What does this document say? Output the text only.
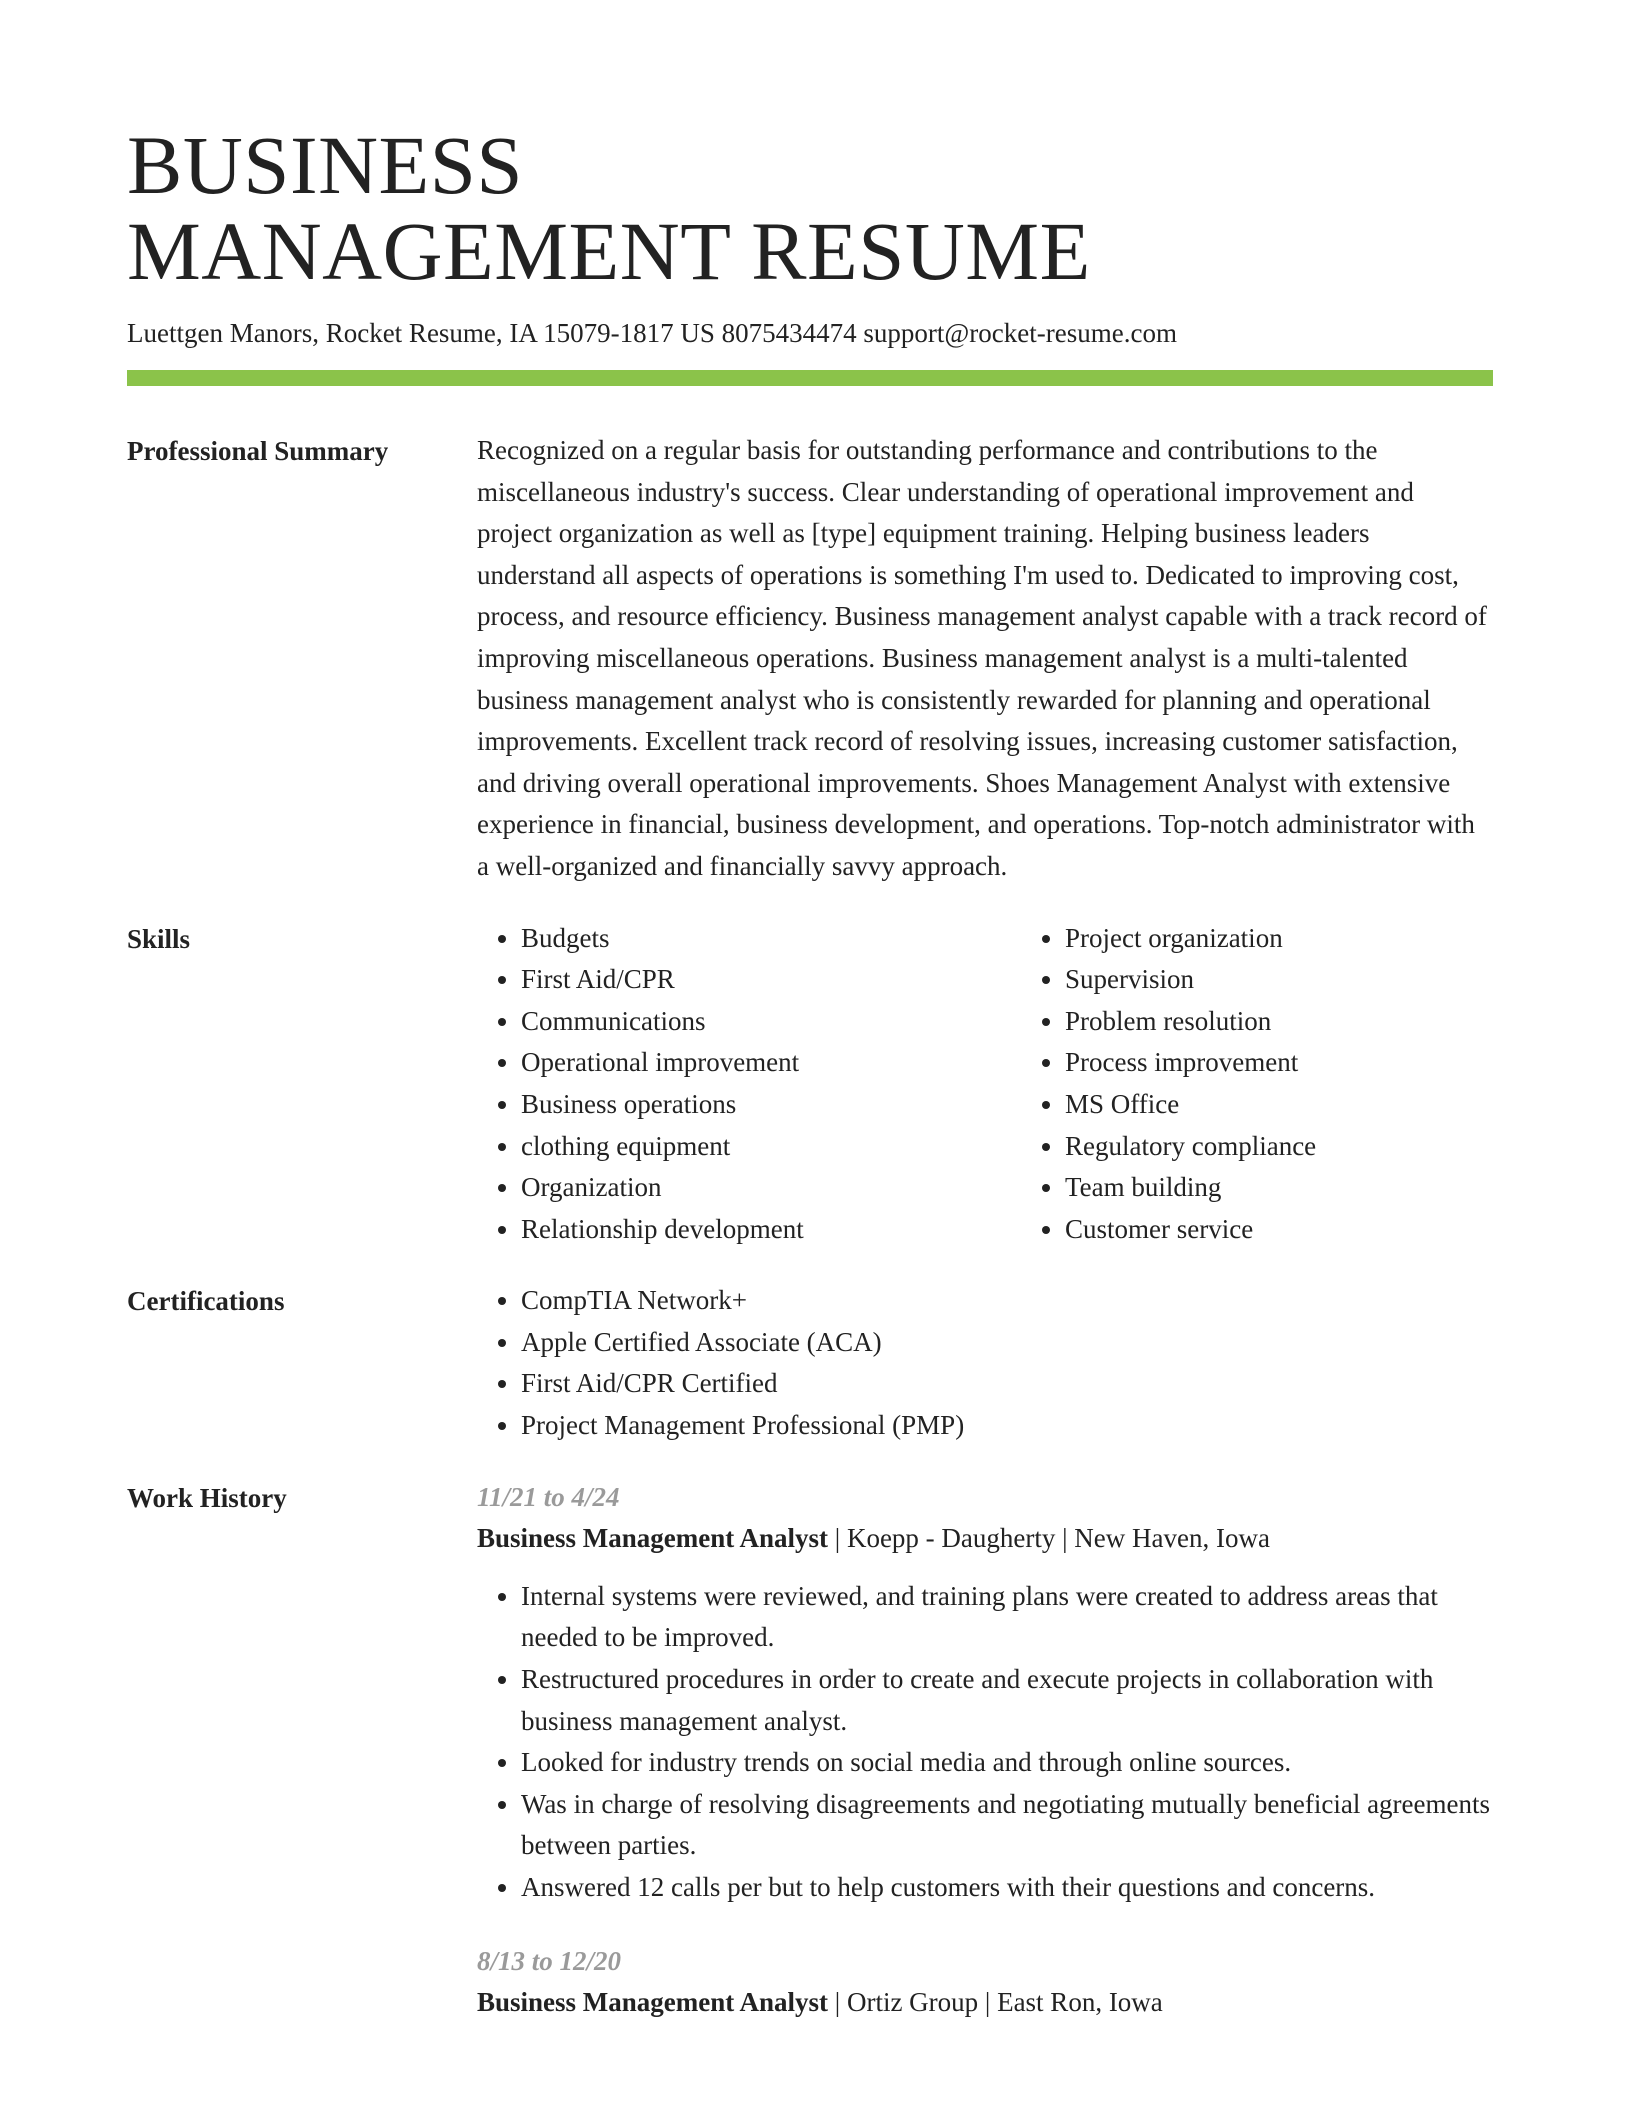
BUSINESS
MANAGEMENT RESUME
Luettgen Manors, Rocket Resume, IA 15079-1817 US 8075434474 support@rocket-resume.com
Professional Summary	Recognized on a regular basis for outstanding performance and contributions to the miscellaneous industry's success. Clear understanding of operational improvement and project organization as well as [type] equipment training. Helping business leaders understand all aspects of operations is something I'm used to. Dedicated to improving cost, process, and resource efficiency. Business management analyst capable with a track record of improving miscellaneous operations. Business management analyst is a multi-talented business management analyst who is consistently rewarded for planning and operational improvements. Excellent track record of resolving issues, increasing customer satisfaction, and driving overall operational improvements. Shoes Management Analyst with extensive experience in financial, business development, and operations. Top-notch administrator with a well-organized and financially savvy approach.

Skills	• Budgets
• First Aid/CPR
• Communications
• Operational improvement
• Business operations
• clothing equipment
• Organization
• Relationship development
• Project organization
• Supervision
• Problem resolution
• Process improvement
• MS Office
• Regulatory compliance
• Team building
• Customer service
Certifications	• CompTIA Network+
• Apple Certified Associate (ACA)
• First Aid/CPR Certified
• Project Management Professional (PMP)
Work History	11/21 to 4/24
Business Management Analyst | Koepp - Daugherty | New Haven, Iowa
• Internal systems were reviewed, and training plans were created to address areas that needed to be improved.
• Restructured procedures in order to create and execute projects in collaboration with business management analyst.
• Looked for industry trends on social media and through online sources.
• Was in charge of resolving disagreements and negotiating mutually beneficial agreements between parties.
• Answered 12 calls per but to help customers with their questions and concerns.
8/13 to 12/20
Business Management Analyst | Ortiz Group | East Ron, Iowa
